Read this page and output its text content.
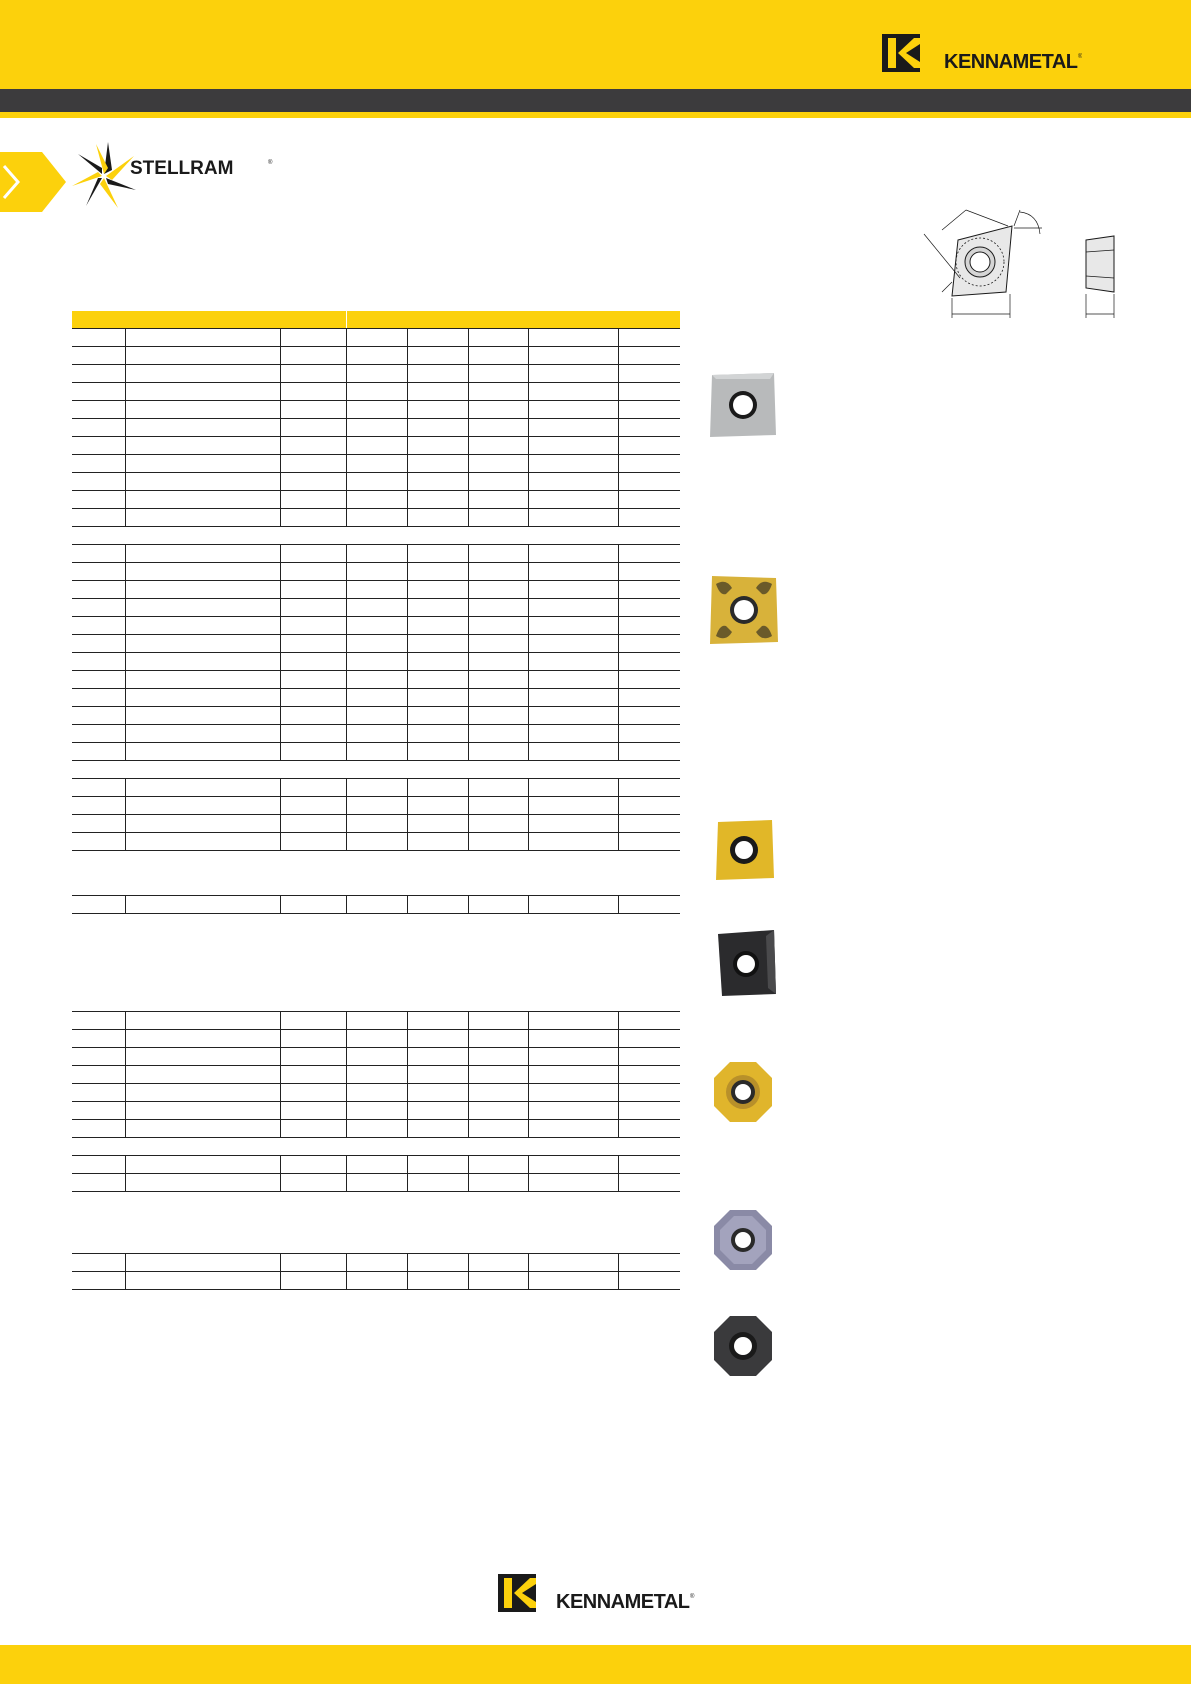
KENNAMETAL ®
STELLRAM	®

KENNAMETAL ®
